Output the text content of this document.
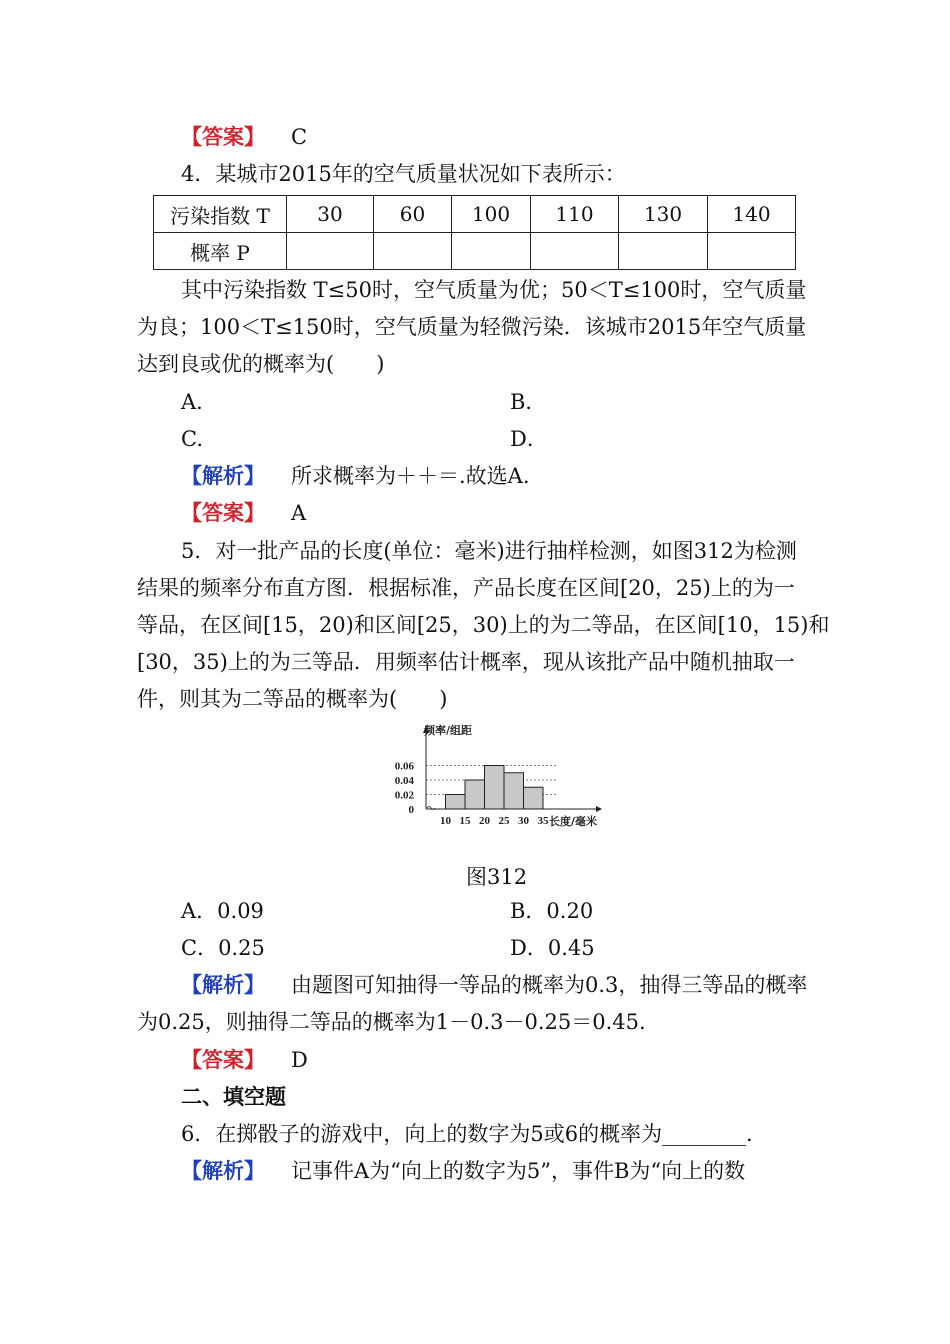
【答案】 C
4．某城市2015年的空气质量状况如下表所示：
污染指数 T	30	60	100	110	130	140
概率 P						
其中污染指数 T≤50时，空气质量为优；50＜T≤100时，空气质量
为良；100＜T≤150时，空气质量为轻微污染．该城市2015年空气质量
达到良或优的概率为(　　)
A.	B．
C.	D．
【解析】 所求概率为＋＋＝.故选A.
【答案】 A
5．对一批产品的长度(单位：毫米)进行抽样检测，如图312为检测
结果的频率分布直方图．根据标准，产品长度在区间[20，25)上的为一
等品，在区间[15，20)和区间[25，30)上的为二等品，在区间[10，15)和
[30，35)上的为三等品．用频率估计概率，现从该批产品中随机抽取一
件，则其为二等品的概率为(　　)
0
0.02
0.04
0.06
10 15 20 25 30 35
频率/组距
长度/毫米
图312
A．0.09	B．0.20
C．0.25	D．0.45
【解析】 由题图可知抽得一等品的概率为0.3，抽得三等品的概率
为0.25，则抽得二等品的概率为1－0.3－0.25＝0.45.
【答案】 D
二、填空题
6．在掷骰子的游戏中，向上的数字为5或6的概率为________．
【解析】 记事件A为“向上的数字为5”，事件B为“向上的数
